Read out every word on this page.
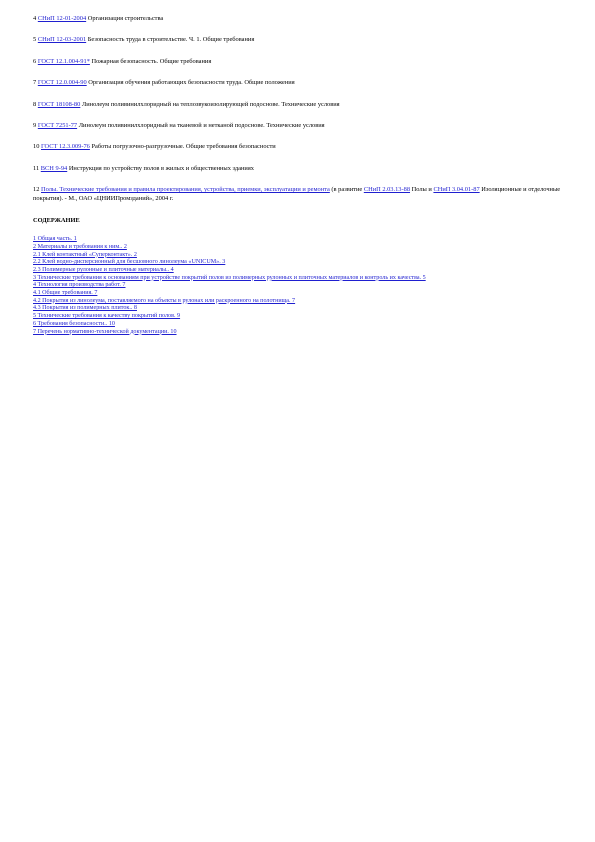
4 СНиП 12-01-2004 Организация строительства

5 СНиП 12-03-2001 Безопасность труда в строительстве. Ч. 1. Общие требования

6 ГОСТ 12.1.004-91* Пожарная безопасность. Общие требования

7 ГОСТ 12.0.004-90 Организация обучения работающих безопасности труда. Общие положения

8 ГОСТ 18108-80 Линолеум поливинилхлоридный на теплозвукоизолирующей подоснове. Технические условия

9 ГОСТ 7251-77 Линолеум поливинилхлоридный на тканевой и нетканой подоснове. Технические условия

10 ГОСТ 12.3.009-76 Работы погрузочно-разгрузочные. Общие требования безопасности

11 ВСН 9-94 Инструкция по устройству полов в жилых и общественных зданиях

12 Полы. Технические требования и правила проектирования, устройства, приемки, эксплуатации и ремонта (в развитие СНиП 2.03.13-88 Полы и СНиП 3.04.01-87 Изоляционные и отделочные покрытия). - М., ОАО «ЦНИИПромзданий», 2004 г.

СОДЕРЖАНИЕ
1 Общая часть. 1
2 Материалы и требования к ним.. 2
2.1 Клей контактный «Суперконтакт». 2
2.2 Клей водно-дисперсионный для бесшовного линолеума «UNICUM». 3
2.3 Полимерные рулонные и плиточные материалы.. 4
3 Технические требования к основаниям при устройстве покрытий полов из полимерных рулонных и плиточных материалов и контроль их качества. 5
4 Технология производства работ. 7
4.1 Общие требования. 7
4.2 Покрытия из линолеума, поставляемого на объекты в рулонах или раскроенного на полотнища. 7
4.3 Покрытия из полимерных плиток.. 8
5 Технические требования к качеству покрытий полов. 9
6 Требования безопасности.. 10
7 Перечень нормативно-технической документации. 10
